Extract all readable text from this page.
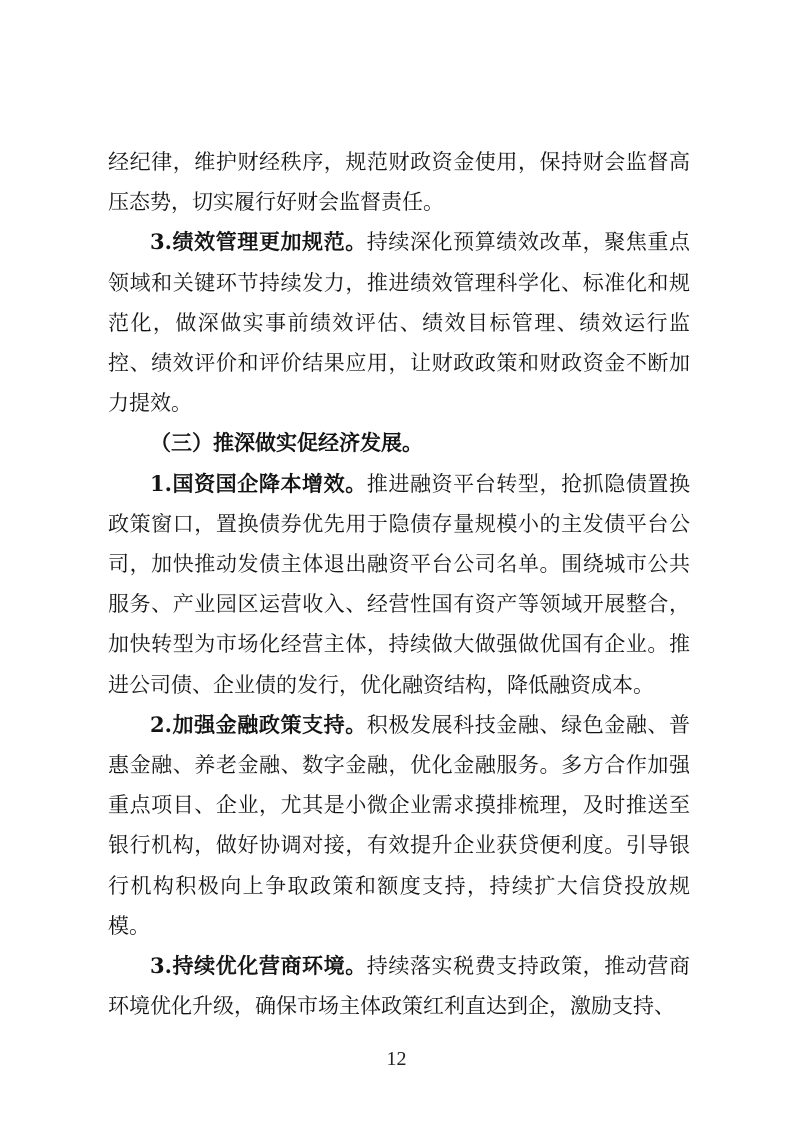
经纪律，维护财经秩序，规范财政资金使用，保持财会监督高压态势，切实履行好财会监督责任。

3.绩效管理更加规范。持续深化预算绩效改革，聚焦重点领域和关键环节持续发力，推进绩效管理科学化、标准化和规范化，做深做实事前绩效评估、绩效目标管理、绩效运行监控、绩效评价和评价结果应用，让财政政策和财政资金不断加力提效。

（三）推深做实促经济发展。

1.国资国企降本增效。推进融资平台转型，抢抓隐债置换政策窗口，置换债券优先用于隐债存量规模小的主发债平台公司，加快推动发债主体退出融资平台公司名单。围绕城市公共服务、产业园区运营收入、经营性国有资产等领域开展整合，加快转型为市场化经营主体，持续做大做强做优国有企业。推进公司债、企业债的发行，优化融资结构，降低融资成本。

2.加强金融政策支持。积极发展科技金融、绿色金融、普惠金融、养老金融、数字金融，优化金融服务。多方合作加强重点项目、企业，尤其是小微企业需求摸排梳理，及时推送至银行机构，做好协调对接，有效提升企业获贷便利度。引导银行机构积极向上争取政策和额度支持，持续扩大信贷投放规模。

3.持续优化营商环境。持续落实税费支持政策，推动营商环境优化升级，确保市场主体政策红利直达到企，激励支持、

12
